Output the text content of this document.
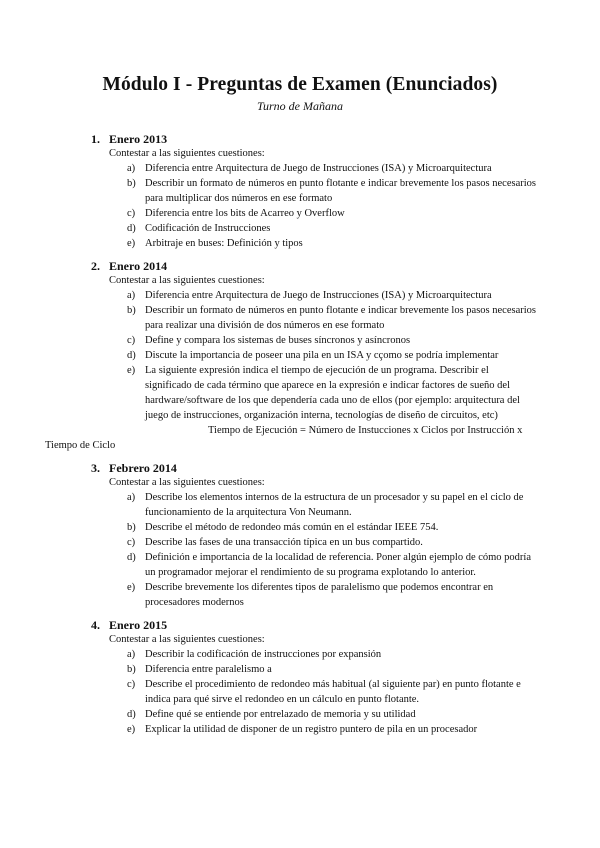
Módulo I - Preguntas de Examen (Enunciados)
Turno de Mañana
1. Enero 2013
Contestar a las siguientes cuestiones:
a) Diferencia entre Arquitectura de Juego de Instrucciones (ISA) y Microarquitectura
b) Describir un formato de números en punto flotante e indicar brevemente los pasos necesarios para multiplicar dos números en ese formato
c) Diferencia entre los bits de Acarreo y Overflow
d) Codificación de Instrucciones
e) Arbitraje en buses: Definición y tipos
2. Enero 2014
Contestar a las siguientes cuestiones:
a) Diferencia entre Arquitectura de Juego de Instrucciones (ISA) y Microarquitectura
b) Describir un formato de números en punto flotante e indicar brevemente los pasos necesarios para realizar una división de dos números en ese formato
c) Define y compara los sistemas de buses síncronos y asíncronos
d) Discute la importancia de poseer una pila en un ISA y cçomo se podría implementar
e) La siguiente expresión indica el tiempo de ejecución de un programa. Describir el significado de cada término que aparece en la expresión e indicar factores de sueño del hardware/software de los que dependería cada uno de ellos (por ejemplo: arquitectura del juego de instrucciones, organización interna, tecnologías de diseño de circuitos, etc)
Tiempo de Ejecución = Número de Instucciones x Ciclos por Instrucción x
Tiempo de Ciclo
3. Febrero 2014
Contestar a las siguientes cuestiones:
a) Describe los elementos internos de la estructura de un procesador y su papel en el ciclo de funcionamiento de la arquitectura Von Neumann.
b) Describe el método de redondeo más común en el estándar IEEE 754.
c) Describe las fases de una transacción típica en un bus compartido.
d) Definición e importancia de la localidad de referencia. Poner algún ejemplo de cómo podría un programador mejorar el rendimiento de su programa explotando lo anterior.
e) Describe brevemente los diferentes tipos de paralelismo que podemos encontrar en procesadores modernos
4. Enero 2015
Contestar a las siguientes cuestiones:
a) Describir la codificación de instrucciones por expansión
b) Diferencia entre paralelismo a
c) Describe el procedimiento de redondeo más habitual (al siguiente par) en punto flotante e indica para qué sirve el redondeo en un cálculo en punto flotante.
d) Define qué se entiende por entrelazado de memoria y su utilidad
e) Explicar la utilidad de disponer de un registro puntero de pila en un procesador
